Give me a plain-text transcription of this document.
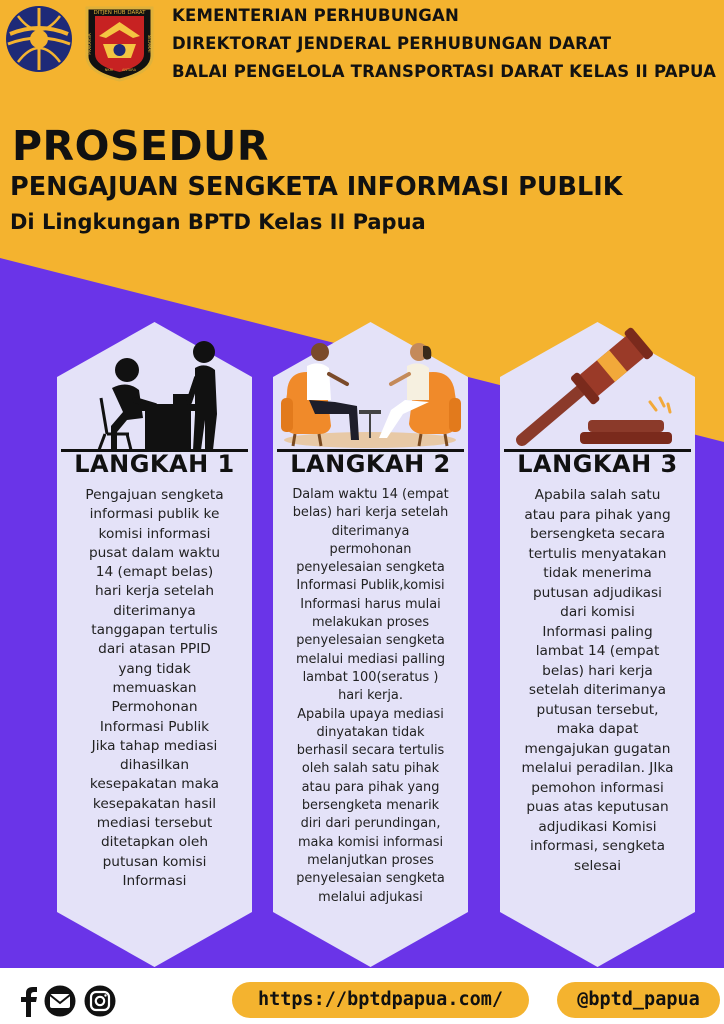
DITJEN HUB DARAT
PRAKARSA	SELAMAT
ANTARA
NKRI
KEMENTERIAN PERHUBUNGAN
DIREKTORAT JENDERAL PERHUBUNGAN DARAT
BALAI PENGELOLA TRANSPORTASI DARAT KELAS II PAPUA
PROSEDUR
PENGAJUAN SENGKETA INFORMASI PUBLIK
Di Lingkungan BPTD Kelas II Papua
LANGKAH 1
Pengajuan sengketa
informasi publik ke
komisi informasi
pusat dalam waktu
14 (emapt belas)
hari kerja setelah
diterimanya
tanggapan tertulis
dari atasan PPID
yang tidak
memuaskan
Permohonan
Informasi Publik
Jika tahap mediasi
dihasilkan
kesepakatan maka
kesepakatan hasil
mediasi tersebut
ditetapkan oleh
putusan komisi
Informasi
LANGKAH 2
Dalam waktu 14 (empat
belas) hari kerja setelah
diterimanya
permohonan
penyelesaian sengketa
Informasi Publik,komisi
Informasi harus mulai
melakukan proses
penyelesaian sengketa
melalui mediasi palling
lambat 100(seratus )
hari kerja.
Apabila upaya mediasi
dinyatakan tidak
berhasil secara tertulis
oleh salah satu pihak
atau para pihak yang
bersengketa menarik
diri dari perundingan,
maka komisi informasi
melanjutkan proses
penyelesaian sengketa
melalui adjukasi
LANGKAH 3
Apabila salah satu
atau para pihak yang
bersengketa secara
tertulis menyatakan
tidak menerima
putusan adjudikasi
dari komisi
Informasi paling
lambat 14 (empat
belas) hari kerja
setelah diterimanya
putusan tersebut,
maka dapat
mengajukan gugatan
melalui peradilan. JIka
pemohon informasi
puas atas keputusan
adjudikasi Komisi
informasi, sengketa
selesai
https://bptdpapua.com/	@bptd_papua
